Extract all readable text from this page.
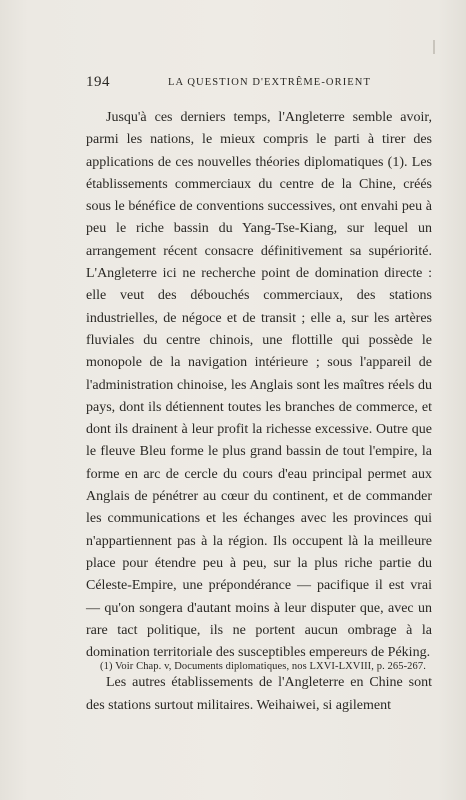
194	LA QUESTION D'EXTRÊME-ORIENT

Jusqu'à ces derniers temps, l'Angleterre semble avoir, parmi les nations, le mieux compris le parti à tirer des applications de ces nouvelles théories diplomatiques (1). Les établissements commerciaux du centre de la Chine, créés sous le bénéfice de conventions successives, ont envahi peu à peu le riche bassin du Yang-Tse-Kiang, sur lequel un arrangement récent consacre définitivement sa supériorité. L'Angleterre ici ne recherche point de domination directe : elle veut des débouchés commerciaux, des stations industrielles, de négoce et de transit ; elle a, sur les artères fluviales du centre chinois, une flottille qui possède le monopole de la navigation intérieure ; sous l'appareil de l'administration chinoise, les Anglais sont les maîtres réels du pays, dont ils détiennent toutes les branches de commerce, et dont ils drainent à leur profit la richesse excessive. Outre que le fleuve Bleu forme le plus grand bassin de tout l'empire, la forme en arc de cercle du cours d'eau principal permet aux Anglais de pénétrer au cœur du continent, et de commander les communications et les échanges avec les provinces qui n'appartiennent pas à la région. Ils occupent là la meilleure place pour étendre peu à peu, sur la plus riche partie du Céleste-Empire, une prépondérance — pacifique il est vrai — qu'on songera d'autant moins à leur disputer que, avec un rare tact politique, ils ne portent aucun ombrage à la domination territoriale des susceptibles empereurs de Péking.

Les autres établissements de l'Angleterre en Chine sont des stations surtout militaires. Weihaiwei, si agilement

(1) Voir Chap. v, Documents diplomatiques, nos LXVI-LXVIII, p. 265-267.
